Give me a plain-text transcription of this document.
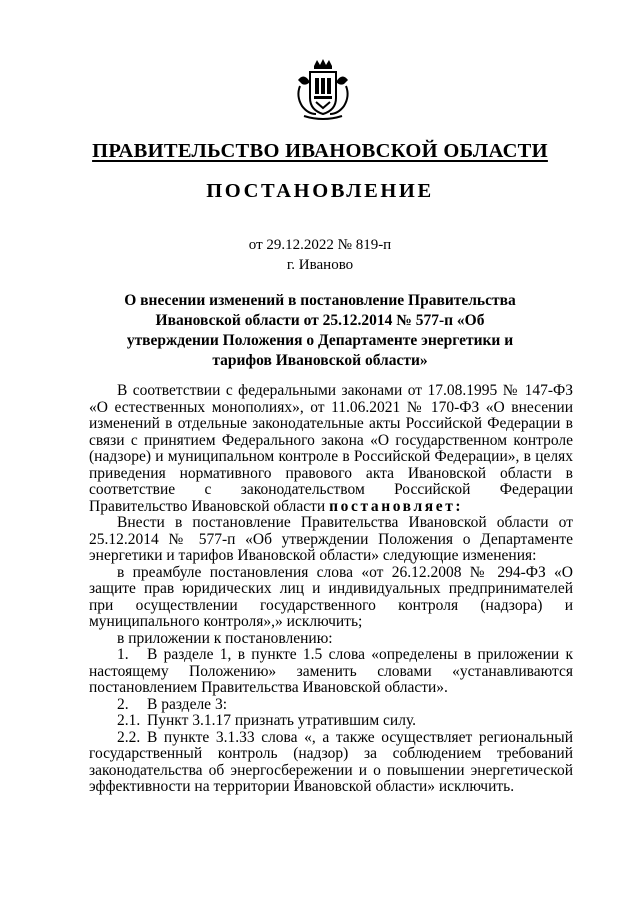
ПРАВИТЕЛЬСТВО ИВАНОВСКОЙ ОБЛАСТИ
ПОСТАНОВЛЕНИЕ
от 29.12.2022 № 819-п
г. Иваново
О внесении изменений в постановление Правительства Ивановской области от 25.12.2014 № 577-п «Об утверждении Положения о Департаменте энергетики и тарифов Ивановской области»

В соответствии с федеральными законами от 17.08.1995 № 147-ФЗ «О естественных монополиях», от 11.06.2021 № 170-ФЗ «О внесении изменений в отдельные законодательные акты Российской Федерации в связи с принятием Федерального закона «О государственном контроле (надзоре) и муниципальном контроле в Российской Федерации», в целях приведения нормативного правового акта Ивановской области в соответствие с законодательством Российской Федерации Правительство Ивановской области постановляет:

Внести в постановление Правительства Ивановской области от 25.12.2014 № 577-п «Об утверждении Положения о Департаменте энергетики и тарифов Ивановской области» следующие изменения:

в преамбуле постановления слова «от 26.12.2008 № 294-ФЗ «О защите прав юридических лиц и индивидуальных предпринимателей при осуществлении государственного контроля (надзора) и муниципального контроля»,» исключить;

в приложении к постановлению:

1. В разделе 1, в пункте 1.5 слова «определены в приложении к настоящему Положению» заменить словами «устанавливаются постановлением Правительства Ивановской области».

2. В разделе 3:

2.1. Пункт 3.1.17 признать утратившим силу.

2.2. В пункте 3.1.33 слова «, а также осуществляет региональный государственный контроль (надзор) за соблюдением требований законодательства об энергосбережении и о повышении энергетической эффективности на территории Ивановской области» исключить.
